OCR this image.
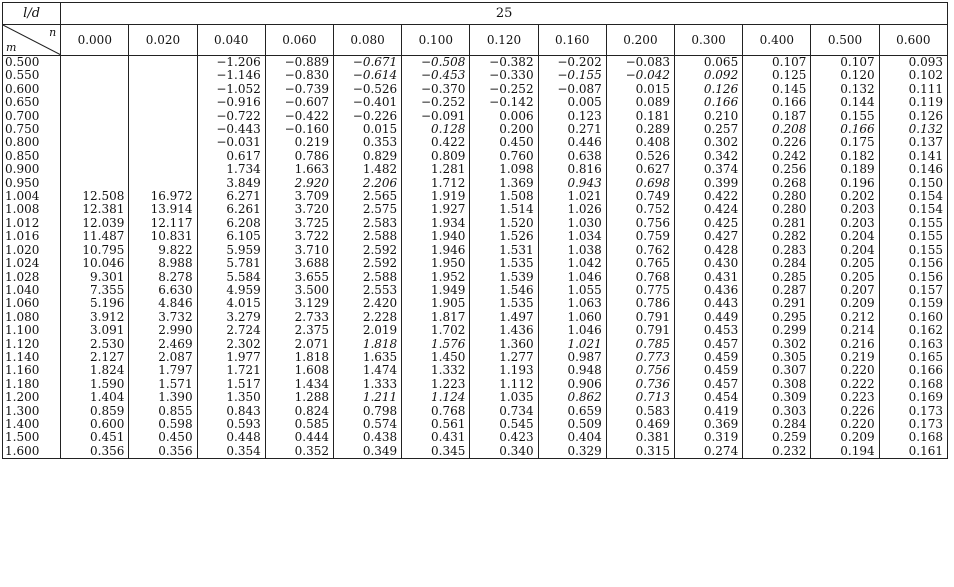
l/d	25												

n
m	0.000	0.020	0.040	0.060	0.080	0.100	0.120	0.160	0.200	0.300	0.400	0.500	0.600
0.500			−1.206	−0.889	−0.671	−0.508	−0.382	−0.202	−0.083	0.065	0.107	0.107	0.093
0.550			−1.146	−0.830	−0.614	−0.453	−0.330	−0.155	−0.042	0.092	0.125	0.120	0.102
0.600			−1.052	−0.739	−0.526	−0.370	−0.252	−0.087	0.015	0.126	0.145	0.132	0.111
0.650			−0.916	−0.607	−0.401	−0.252	−0.142	0.005	0.089	0.166	0.166	0.144	0.119
0.700			−0.722	−0.422	−0.226	−0.091	0.006	0.123	0.181	0.210	0.187	0.155	0.126
0.750			−0.443	−0.160	0.015	0.128	0.200	0.271	0.289	0.257	0.208	0.166	0.132
0.800			−0.031	0.219	0.353	0.422	0.450	0.446	0.408	0.302	0.226	0.175	0.137
0.850			0.617	0.786	0.829	0.809	0.760	0.638	0.526	0.342	0.242	0.182	0.141
0.900			1.734	1.663	1.482	1.281	1.098	0.816	0.627	0.374	0.256	0.189	0.146
0.950			3.849	2.920	2.206	1.712	1.369	0.943	0.698	0.399	0.268	0.196	0.150
1.004	12.508	16.972	6.271	3.709	2.565	1.919	1.508	1.021	0.749	0.422	0.280	0.202	0.154
1.008	12.381	13.914	6.261	3.720	2.575	1.927	1.514	1.026	0.752	0.424	0.280	0.203	0.154
1.012	12.039	12.117	6.208	3.725	2.583	1.934	1.520	1.030	0.756	0.425	0.281	0.203	0.155
1.016	11.487	10.831	6.105	3.722	2.588	1.940	1.526	1.034	0.759	0.427	0.282	0.204	0.155
1.020	10.795	9.822	5.959	3.710	2.592	1.946	1.531	1.038	0.762	0.428	0.283	0.204	0.155
1.024	10.046	8.988	5.781	3.688	2.592	1.950	1.535	1.042	0.765	0.430	0.284	0.205	0.156
1.028	9.301	8.278	5.584	3.655	2.588	1.952	1.539	1.046	0.768	0.431	0.285	0.205	0.156
1.040	7.355	6.630	4.959	3.500	2.553	1.949	1.546	1.055	0.775	0.436	0.287	0.207	0.157
1.060	5.196	4.846	4.015	3.129	2.420	1.905	1.535	1.063	0.786	0.443	0.291	0.209	0.159
1.080	3.912	3.732	3.279	2.733	2.228	1.817	1.497	1.060	0.791	0.449	0.295	0.212	0.160
1.100	3.091	2.990	2.724	2.375	2.019	1.702	1.436	1.046	0.791	0.453	0.299	0.214	0.162
1.120	2.530	2.469	2.302	2.071	1.818	1.576	1.360	1.021	0.785	0.457	0.302	0.216	0.163
1.140	2.127	2.087	1.977	1.818	1.635	1.450	1.277	0.987	0.773	0.459	0.305	0.219	0.165
1.160	1.824	1.797	1.721	1.608	1.474	1.332	1.193	0.948	0.756	0.459	0.307	0.220	0.166
1.180	1.590	1.571	1.517	1.434	1.333	1.223	1.112	0.906	0.736	0.457	0.308	0.222	0.168
1.200	1.404	1.390	1.350	1.288	1.211	1.124	1.035	0.862	0.713	0.454	0.309	0.223	0.169
1.300	0.859	0.855	0.843	0.824	0.798	0.768	0.734	0.659	0.583	0.419	0.303	0.226	0.173
1.400	0.600	0.598	0.593	0.585	0.574	0.561	0.545	0.509	0.469	0.369	0.284	0.220	0.173
1.500	0.451	0.450	0.448	0.444	0.438	0.431	0.423	0.404	0.381	0.319	0.259	0.209	0.168
1.600	0.356	0.356	0.354	0.352	0.349	0.345	0.340	0.329	0.315	0.274	0.232	0.194	0.161
